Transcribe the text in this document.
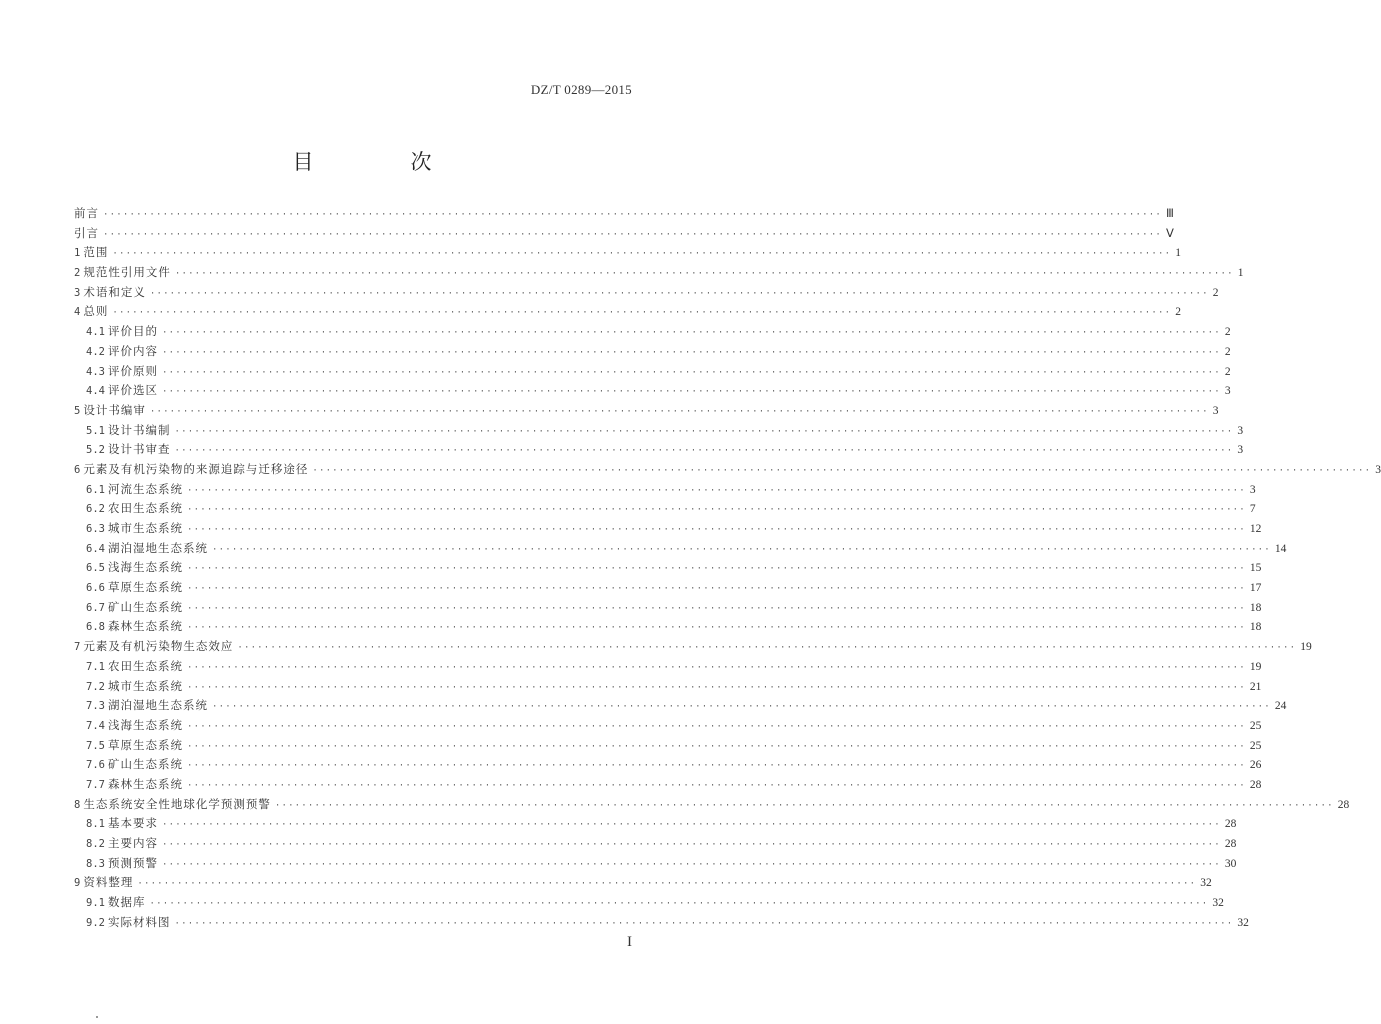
DZ/T 0289—2015
目　次
前言 ································································································································································ Ⅲ
引言 ································································································································································ Ⅴ
1 范围 ································································································································································ 1
2 规范性引用文件 ································································································································································ 1
3 术语和定义 ································································································································································ 2
4 总则 ································································································································································ 2
4.1 评价目的 ································································································································································ 2
4.2 评价内容 ································································································································································ 2
4.3 评价原则 ································································································································································ 2
4.4 评价选区 ································································································································································ 3
5 设计书编审 ································································································································································ 3
5.1 设计书编制 ································································································································································ 3
5.2 设计书审查 ································································································································································ 3
6 元素及有机污染物的来源追踪与迁移途径 ································································································································································ 3
6.1 河流生态系统 ································································································································································ 3
6.2 农田生态系统 ································································································································································ 7
6.3 城市生态系统 ································································································································································ 12
6.4 湖泊湿地生态系统 ································································································································································ 14
6.5 浅海生态系统 ································································································································································ 15
6.6 草原生态系统 ································································································································································ 17
6.7 矿山生态系统 ································································································································································ 18
6.8 森林生态系统 ································································································································································ 18
7 元素及有机污染物生态效应 ································································································································································ 19
7.1 农田生态系统 ································································································································································ 19
7.2 城市生态系统 ································································································································································ 21
7.3 湖泊湿地生态系统 ································································································································································ 24
7.4 浅海生态系统 ································································································································································ 25
7.5 草原生态系统 ································································································································································ 25
7.6 矿山生态系统 ································································································································································ 26
7.7 森林生态系统 ································································································································································ 28
8 生态系统安全性地球化学预测预警 ································································································································································ 28
8.1 基本要求 ································································································································································ 28
8.2 主要内容 ································································································································································ 28
8.3 预测预警 ································································································································································ 30
9 资料整理 ································································································································································ 32
9.1 数据库 ································································································································································ 32
9.2 实际材料图 ································································································································································ 32
I
